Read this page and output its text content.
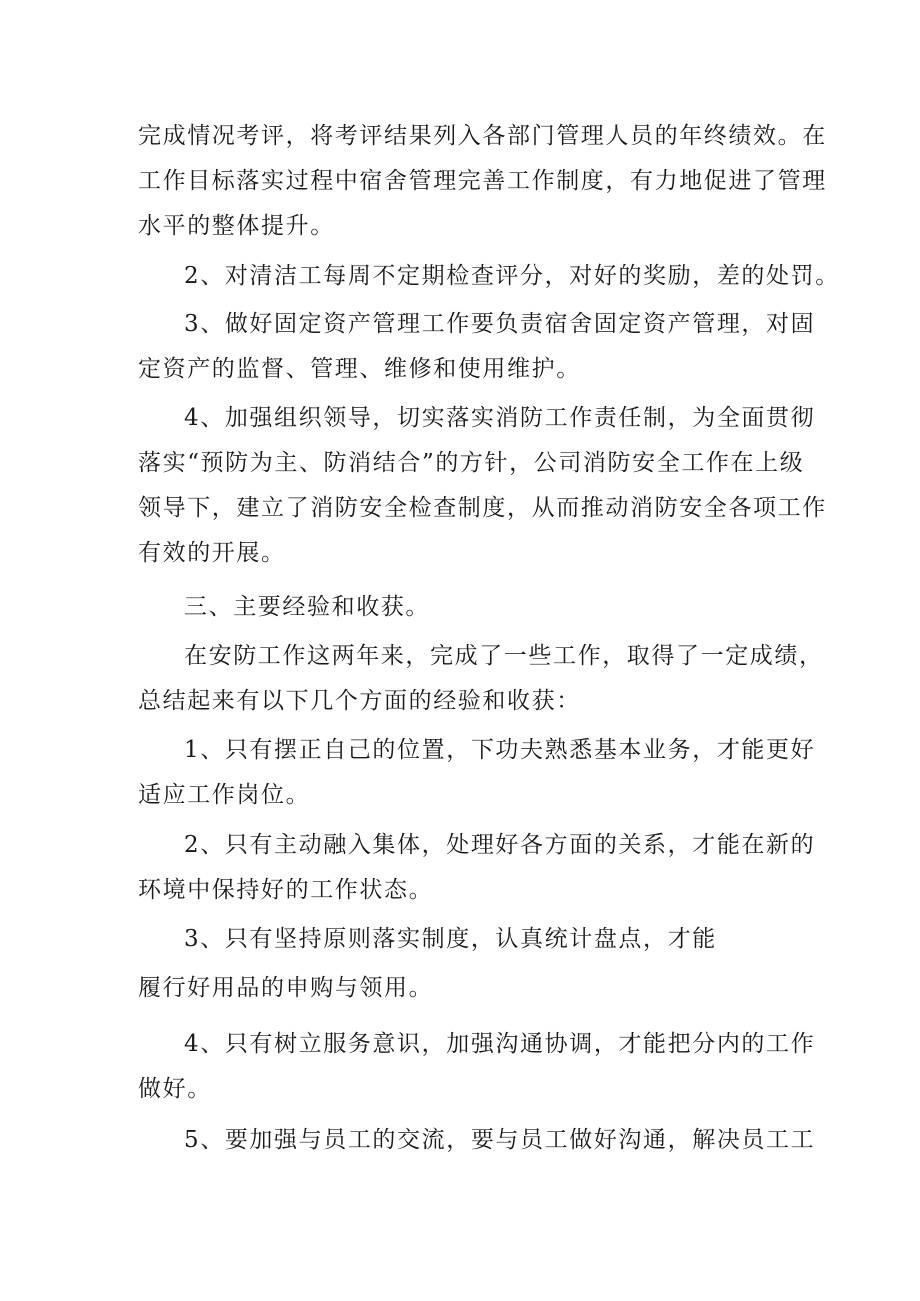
完成情况考评，将考评结果列入各部门管理人员的年终绩效。在
工作目标落实过程中宿舍管理完善工作制度，有力地促进了管理
水平的整体提升。
2、对清洁工每周不定期检查评分，对好的奖励，差的处罚。
3、做好固定资产管理工作要负责宿舍固定资产管理，对固
定资产的监督、管理、维修和使用维护。
4、加强组织领导，切实落实消防工作责任制，为全面贯彻
落实“预防为主、防消结合”的方针，公司消防安全工作在上级
领导下，建立了消防安全检查制度，从而推动消防安全各项工作
有效的开展。
三、主要经验和收获。
在安防工作这两年来，完成了一些工作，取得了一定成绩，
总结起来有以下几个方面的经验和收获：
1、只有摆正自己的位置，下功夫熟悉基本业务，才能更好
适应工作岗位。
2、只有主动融入集体，处理好各方面的关系，才能在新的
环境中保持好的工作状态。
3、只有坚持原则落实制度，认真统计盘点，才能
履行好用品的申购与领用。
4、只有树立服务意识，加强沟通协调，才能把分内的工作
做好。
5、要加强与员工的交流，要与员工做好沟通，解决员工工
